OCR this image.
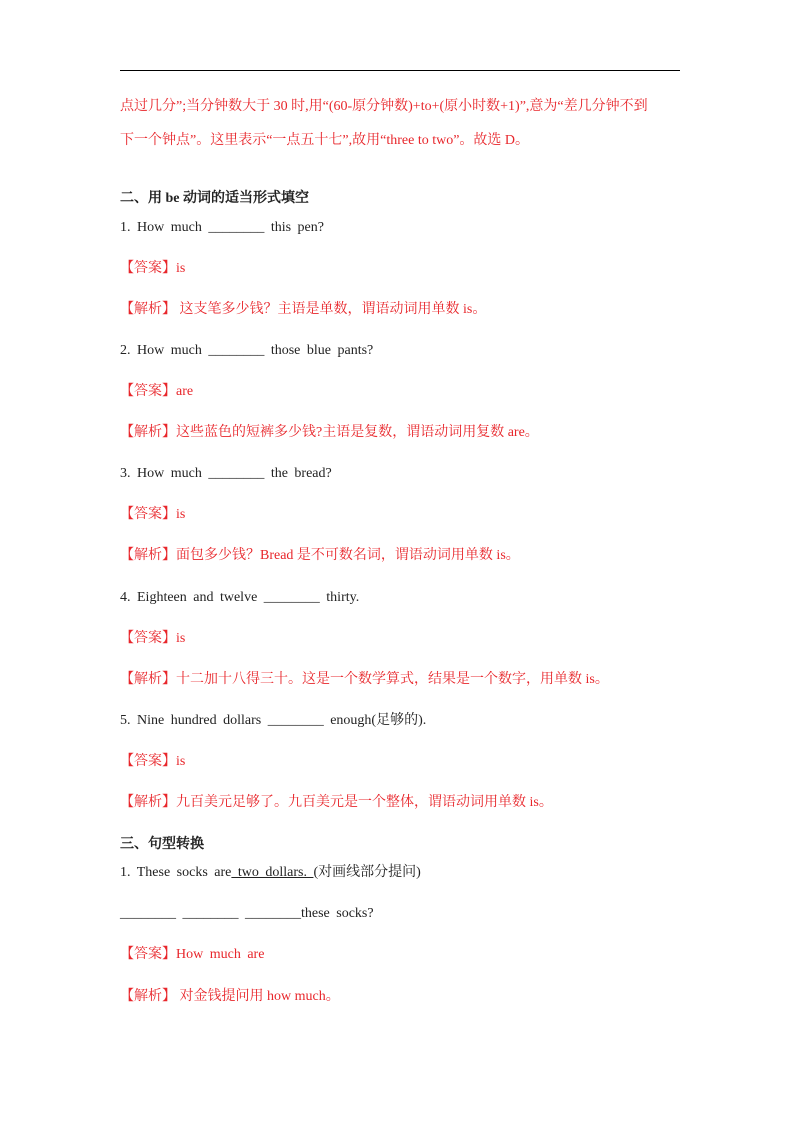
点过几分”;当分钟数大于 30 时,用“(60-原分钟数)+to+(原小时数+1)”,意为“差几分钟不到
下一个钟点”。这里表示“一点五十七”,故用“three to two”。故选 D。
二、用 be 动词的适当形式填空
1. How much ________ this pen?
【答案】is
【解析】 这支笔多少钱？主语是单数，谓语动词用单数 is。
2. How much ________ those blue pants?
【答案】are
【解析】这些蓝色的短裤多少钱?主语是复数，谓语动词用复数 are。
3. How much ________ the bread?
【答案】is
【解析】面包多少钱？Bread 是不可数名词，谓语动词用单数 is。
4. Eighteen and twelve ________ thirty.
【答案】is
【解析】十二加十八得三十。这是一个数学算式，结果是一个数字，用单数 is。
5. Nine hundred dollars ________ enough(足够的).
【答案】is
【解析】九百美元足够了。九百美元是一个整体，谓语动词用单数 is。
三、句型转换
1. These socks are two dollars. (对画线部分提问)
________ ________ ________these socks?
【答案】How much are
【解析】 对金钱提问用 how much。
